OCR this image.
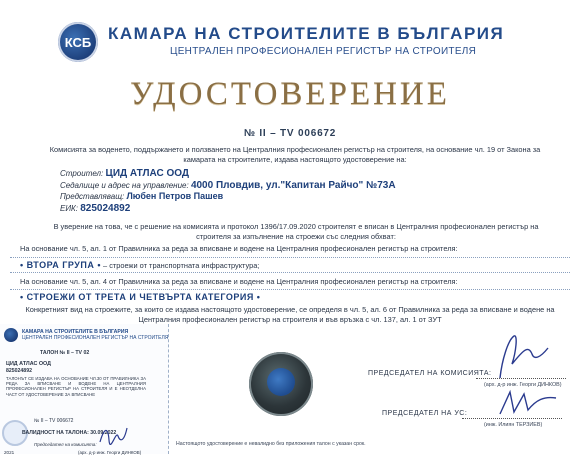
КСБ КАМАРА НА СТРОИТЕЛИТЕ В БЪЛГАРИЯ
ЦЕНТРАЛЕН ПРОФЕСИОНАЛЕН РЕГИСТЪР НА СТРОИТЕЛЯ
УДОСТОВЕРЕНИЕ
№ II – TV 006672
Комисията за воденето, поддържането и ползването на Централния професионален регистър на строителя, на основание чл. 19 от Закона за камарата на строителите, издава настоящото удостоверение на:
Строител: ЦИД АТЛАС ООД
Седалище и адрес на управление: 4000 Пловдив, ул."Капитан Райчо" №73А
Представляващ: Любен Петров Пашев
ЕИК: 825024892
В уверение на това, че с решение на комисията и протокол 1396/17.09.2020 строителят е вписан в Централния професионален регистър на строителя за изпълнение на строежи със следния обхват:
На основание чл. 5, ал. 1 от Правилника за реда за вписване и водене на Централния професионален регистър на строителя:
• ВТОРА ГРУПА • – строежи от транспортната инфраструктура;
На основание чл. 5, ал. 4 от Правилника за реда за вписване и водене на Централния професионален регистър на строителя:
• СТРОЕЖИ ОТ ТРЕТА И ЧЕТВЪРТА КАТЕГОРИЯ •
Конкретният вид на строежите, за които се издава настоящото удостоверение, се определя в чл. 5, ал. 6 от Правилника за реда за вписване и водене на Централния професионален регистър на строителя и във връзка с чл. 137, ал. 1 от ЗУТ
КАМАРА НА СТРОИТЕЛИТЕ В БЪЛГАРИЯ
ЦЕНТРАЛЕН ПРОФЕСИОНАЛЕН РЕГИСТЪР НА СТРОИТЕЛЯ
ТАЛОН № II – TV 02
ЦИД АТЛАС ООД
825024892
ТАЛОНЪТ СЕ ИЗДАВА НА ОСНОВАНИЕ ЧЛ.30 ОТ ПРАВИЛНИКА ЗА РЕДА ЗА ВПИСВАНЕ И ВОДЕНЕ НА ЦЕНТРАЛНИЯ ПРОФЕСИОНАЛЕН РЕГИСТЪР НА СТРОИТЕЛЯ И Е НЕОТДЕЛНА ЧАСТ ОТ УДОСТОВЕРЕНИЕ ЗА ВПИСВАНЕ
№ II – TV 006672
ВАЛИДНОСТ НА ТАЛОНА: 30.09.2022
Председател на комисията:
2021	(арх. д-р инж. Георги ДИНКОВ)
ПРЕДСЕДАТЕЛ НА КОМИСИЯТА:
(арх. д-р инж. Георги ДИНКОВ)
ПРЕДСЕДАТЕЛ НА УС:
(инж. Илиян ТЕРЗИЕВ)
Настоящото удостоверение е невалидно без приложения талон с указан срок.
